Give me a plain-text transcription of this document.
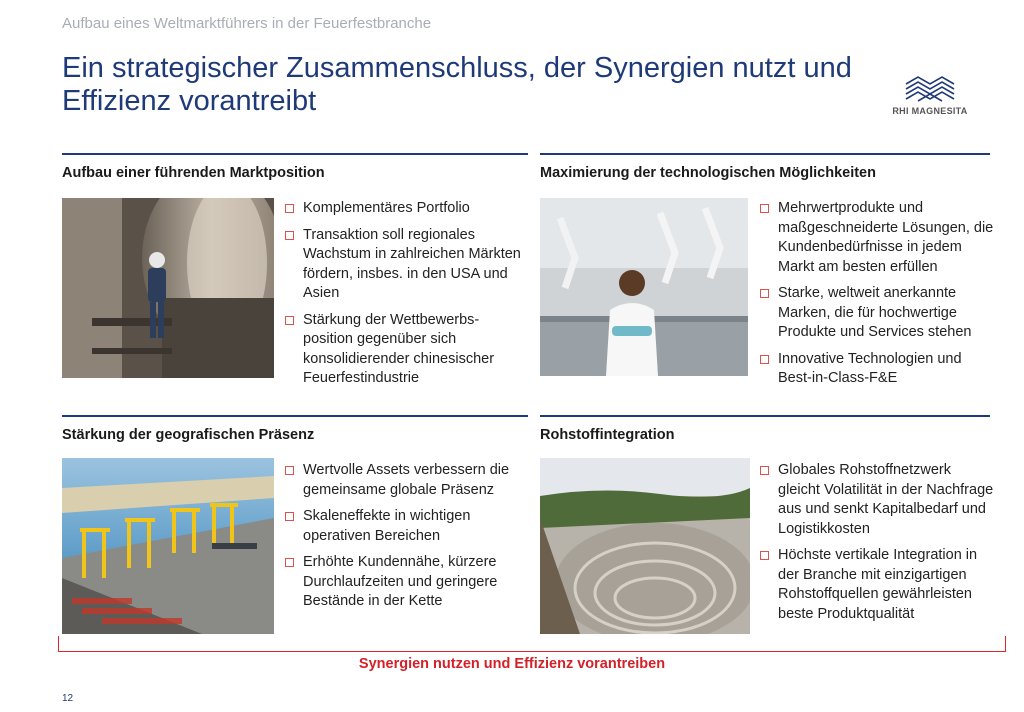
Aufbau eines Weltmarktführers in der Feuerfestbranche
Ein strategischer Zusammenschluss, der Synergien nutzt und Effizienz vorantreibt	RHI MAGNESITA
Aufbau einer führenden Marktposition
Komplementäres Portfolio
Transaktion soll regionales Wachstum in zahlreichen Märkten fördern, insbes. in den USA und Asien
Stärkung der Wettbewerbs-position gegenüber sich konsolidierender chinesischer Feuerfestindustrie
Maximierung der technologischen Möglichkeiten
Mehrwertprodukte und maßgeschneiderte Lösungen, die Kundenbedürfnisse in jedem Markt am besten erfüllen
Starke, weltweit anerkannte Marken, die für hochwertige Produkte und Services stehen
Innovative Technologien und Best-in-Class-F&E
Stärkung der geografischen Präsenz
Wertvolle Assets verbessern die gemeinsame globale Präsenz
Skaleneffekte in wichtigen operativen Bereichen
Erhöhte Kundennähe, kürzere Durchlaufzeiten und geringere Bestände in der Kette
Rohstoffintegration
Globales Rohstoffnetzwerk gleicht Volatilität in der Nachfrage aus und senkt Kapitalbedarf und Logistikkosten
Höchste vertikale Integration in der Branche mit einzigartigen Rohstoffquellen gewährleisten beste Produktqualität
Synergien nutzen und Effizienz vorantreiben
12
